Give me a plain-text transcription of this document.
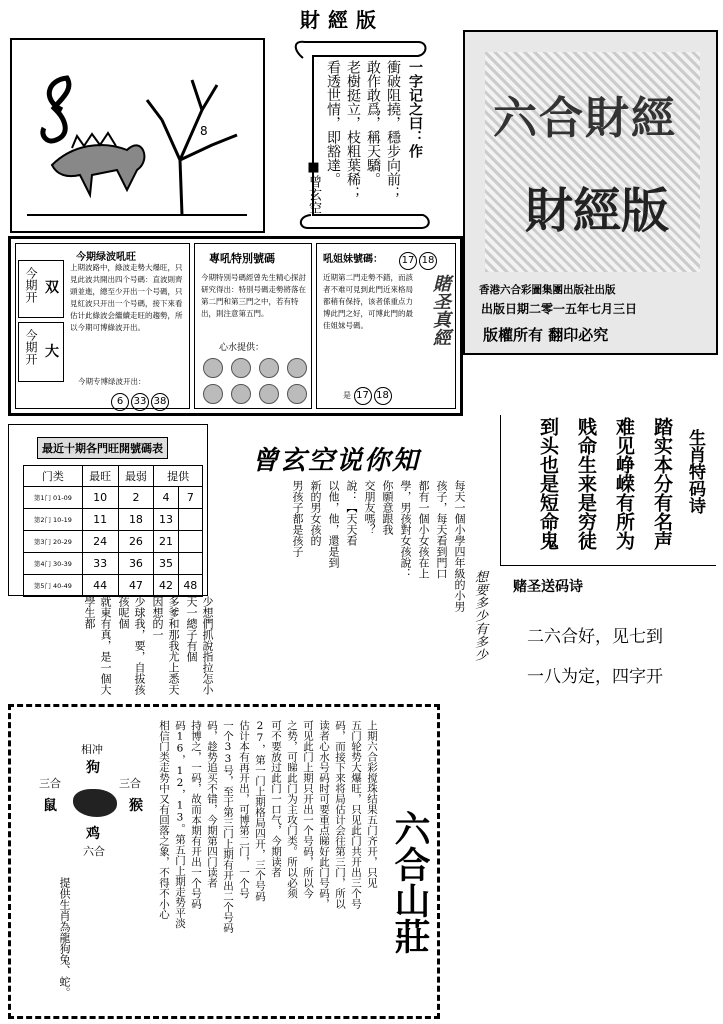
財經版
8	一字记之曰：作
衝破阻撓，穩步向前；
敢作敢爲，稱天驕。
老樹挺立，枝粗葉稀；
看透世情，即豁達。
■曾玄空
六合財經
財經版
香港六合彩圖集團出版社出版
出版日期二零一五年七月三日
版權所有 翻印必究
今期绿波吼旺
今期开 双
今期开 大
上期波路中，綠波走勢大爆旺，只見此波共開出四个号碼：直波則齊頭並進，總至少开出一个号碼，只見紅波只开出一个号碼，接下來看估计此綠波会繼續走旺的趨勢，所以今期可博綠波开出。
今期专博绿波开出：
6 33 38
專吼特別號碼
今期特別号碼經曾先生精心探討研究得出：特別号碼走勢將落在第二門和第三門之中，若有特出，則注意第五門。
心水提供：
吼姐妹號碼： 17 18
近期第二門走勢不錯，而該者不难可見到此門近來格局都稍有保持，该者係重点力博此門之好，可博此門的最佳姐妹号碼。	賭圣真經
是 17 18
最近十期各門旺開號碼表
门类	最旺	最弱	提供	
第1门 01-09	10	2	4	7
第2门 10-19	11	18	13	
第3门 20-29	24	26	21	
第4门 30-39	33	36	35	
第5门 40-49	44	47	42	48
曾玄空说你知
想要多少有多少
每天一個小學四年級的小男
孩子，每天看到門口
都有一個小女孩在上
學，男孩對女孩說：
你願意跟我
交朋友嗎？
說：【天天看
以他，他，還是到
新的男女孩的
男孩子都是孩子
少想們抓說指拉怎小天一總子有個
多爹和那我尤上悉天因想的一
少球我，要，自拔孩孩呢個
就東有真，是一個大學生都
生肖特码诗
踏实本分有名声
难见峥嵘有所为
贱命生来是穷徒
到头也是短命鬼
赌圣送码诗
二六合好，见七到
一八为定，四字开
相冲
狗
三合
鼠
三合
猴
鸡
六合
提供生肖為龍狗兔、蛇。
上期六合彩搅珠结果五门齐开，只见
五门轮势大爆旺，只见此门共开出三个号
码，而接下来将局估计会往第三门，所以
读者心水号码时可要重点睇好此门号码，
可见此门上期只开出一个号码，所以今
之势，可睇此门为主攻门类。所以必须
可不要放过此门一口气，今期读者
27，第一门上期格局四开，三个号码
估计本有再开出，可博第二门，一个号
一个33号，至于第三门上期有开出二个号码
码，趁势追买不错，今期第四门读者
持博之，一码，故而本期有开出一个号码
码16，12，13。第五门上期走势平淡
相信门类走势中又有回落之象，不得不小心	六合山莊
